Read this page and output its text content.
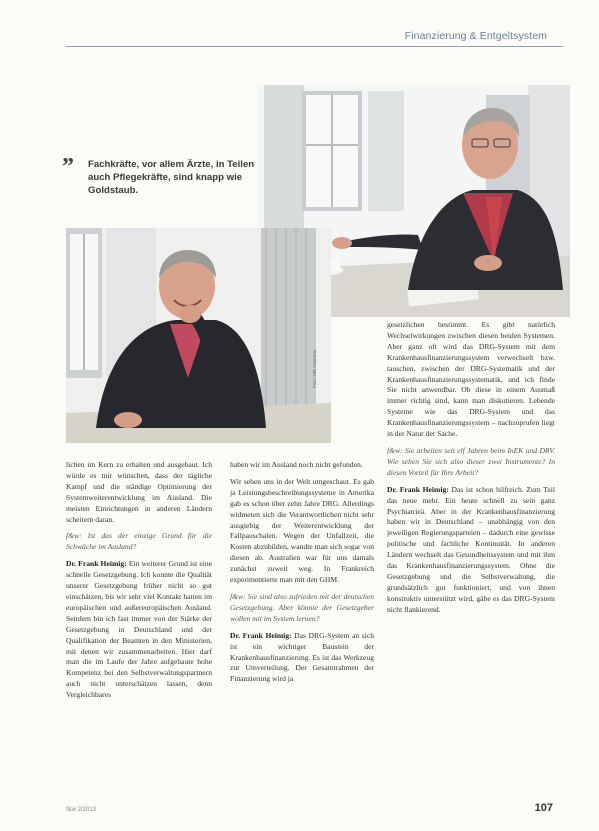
Finanzierung & Entgeltsystem
” Fachkräfte, vor allem Ärzte, in Teilen auch Pflegekräfte, sind knapp wie Goldstaub.
Foto: Nils Hasenau

lichen im Kern zu erhalten und ausgebaut. Ich würde es mir wünschen, dass der tägliche Kampf und die ständige Optimierung der Systemweiterentwicklung im Ausland. Die meisten Einrichtungen in anderen Ländern scheitern daran.

f&w: Ist das der einzige Grund für die Schwäche im Ausland?

Dr. Frank Heimig: Ein weiterer Grund ist eine schnelle Gesetzgebung. Ich konnte die Qualität unserer Gesetzgebung früher nicht so gut einschätzen, bis wir sehr viel Kontakt hatten im europäischen und außereuropäischen Ausland. Seitdem bin ich fast immer von der Stärke der Gesetzgebung in Deutschland und der Qualifikation der Beamten in den Ministerien, mit denen wir zusammenarbeiten. Hier darf man die im Laufe der Jahre aufgebaute hohe Kompetenz bei den Selbstverwaltungspartnern auch nicht unterschätzen lassen, denn Vergleichbares

haben wir im Ausland noch nicht gefunden.

Wir sehen uns in der Welt umgeschaut. Es gab ja Leistungsbeschreibungssysteme in Amerika gab es schon über zehn Jahre DRG. Allerdings widmeten sich die Verantwortlichen nicht sehr ausgiebig der Weiterentwicklung der Fallpauschalen. Wegen der Unfallzeit, die Kosten abzubilden, wandte man sich sogar von diesen ab. Australien war für uns damals zunächst zuweit weg. In Frankreich experimentierte man mit den GHM.

f&w: Sie sind also zufrieden mit der deutschen Gesetzgebung. Aber könnte der Gesetzgeber wollen mit im System lernen?

Dr. Frank Heimig: Das DRG-System an sich ist ein wichtiger Baustein der Krankenhausfinanzierung. Es ist das Werkzeug zur Umverteilung. Der Gesamtrahmen der Finanzierung wird ja

gesetzlichen bestimmt. Es gibt natürlich Wechselwirkungen zwischen diesen beiden Systemen. Aber ganz oft wird das DRG-System mit dem Krankenhausfinanzierungssystem verwechselt bzw. tauschen, zwischen der DRG-Systematik und der Krankenhausfinanzierungssystematik, und ich finde Sie nicht anwendbar. Ob diese in einem Ausmaß immer richtig sind, kann man diskutieren. Lebende Systeme wie das DRG-System und das Krankenhausfinanzierungssystem – nachzuprufen liegt in der Natur der Sache.

f&w: Sie arbeiten seit elf Jahren beim InEK und DRV. Wie sehen Sie sich also dieser zwei Instrumente? In diesen Vorteil für Ihre Arbeit?

Dr. Frank Heimig: Das ist schon hilfreich. Zum Teil das neue mehr. Ein heute schnell zu sein ganz Psychiatrieä. Aber in der Krankenhausfinanzierung haben wir in Deutschland – unabhängig von den jeweiligen Regierungsparteien – dadurch eine gewisse politische und fachliche Kontinuität. In anderen Ländern wechselt das Gesundheitssystem und mit ihm das Krankenhausfinanzierungssystem. Ohne die Gesetzgebung und die Selbstverwaltung, die grundsätzlich gut funktioniert, und von ihnen konstruktiv unterstützt wird, gäbe es das DRG-System nicht flankierend.

f&w 2/2013	107
